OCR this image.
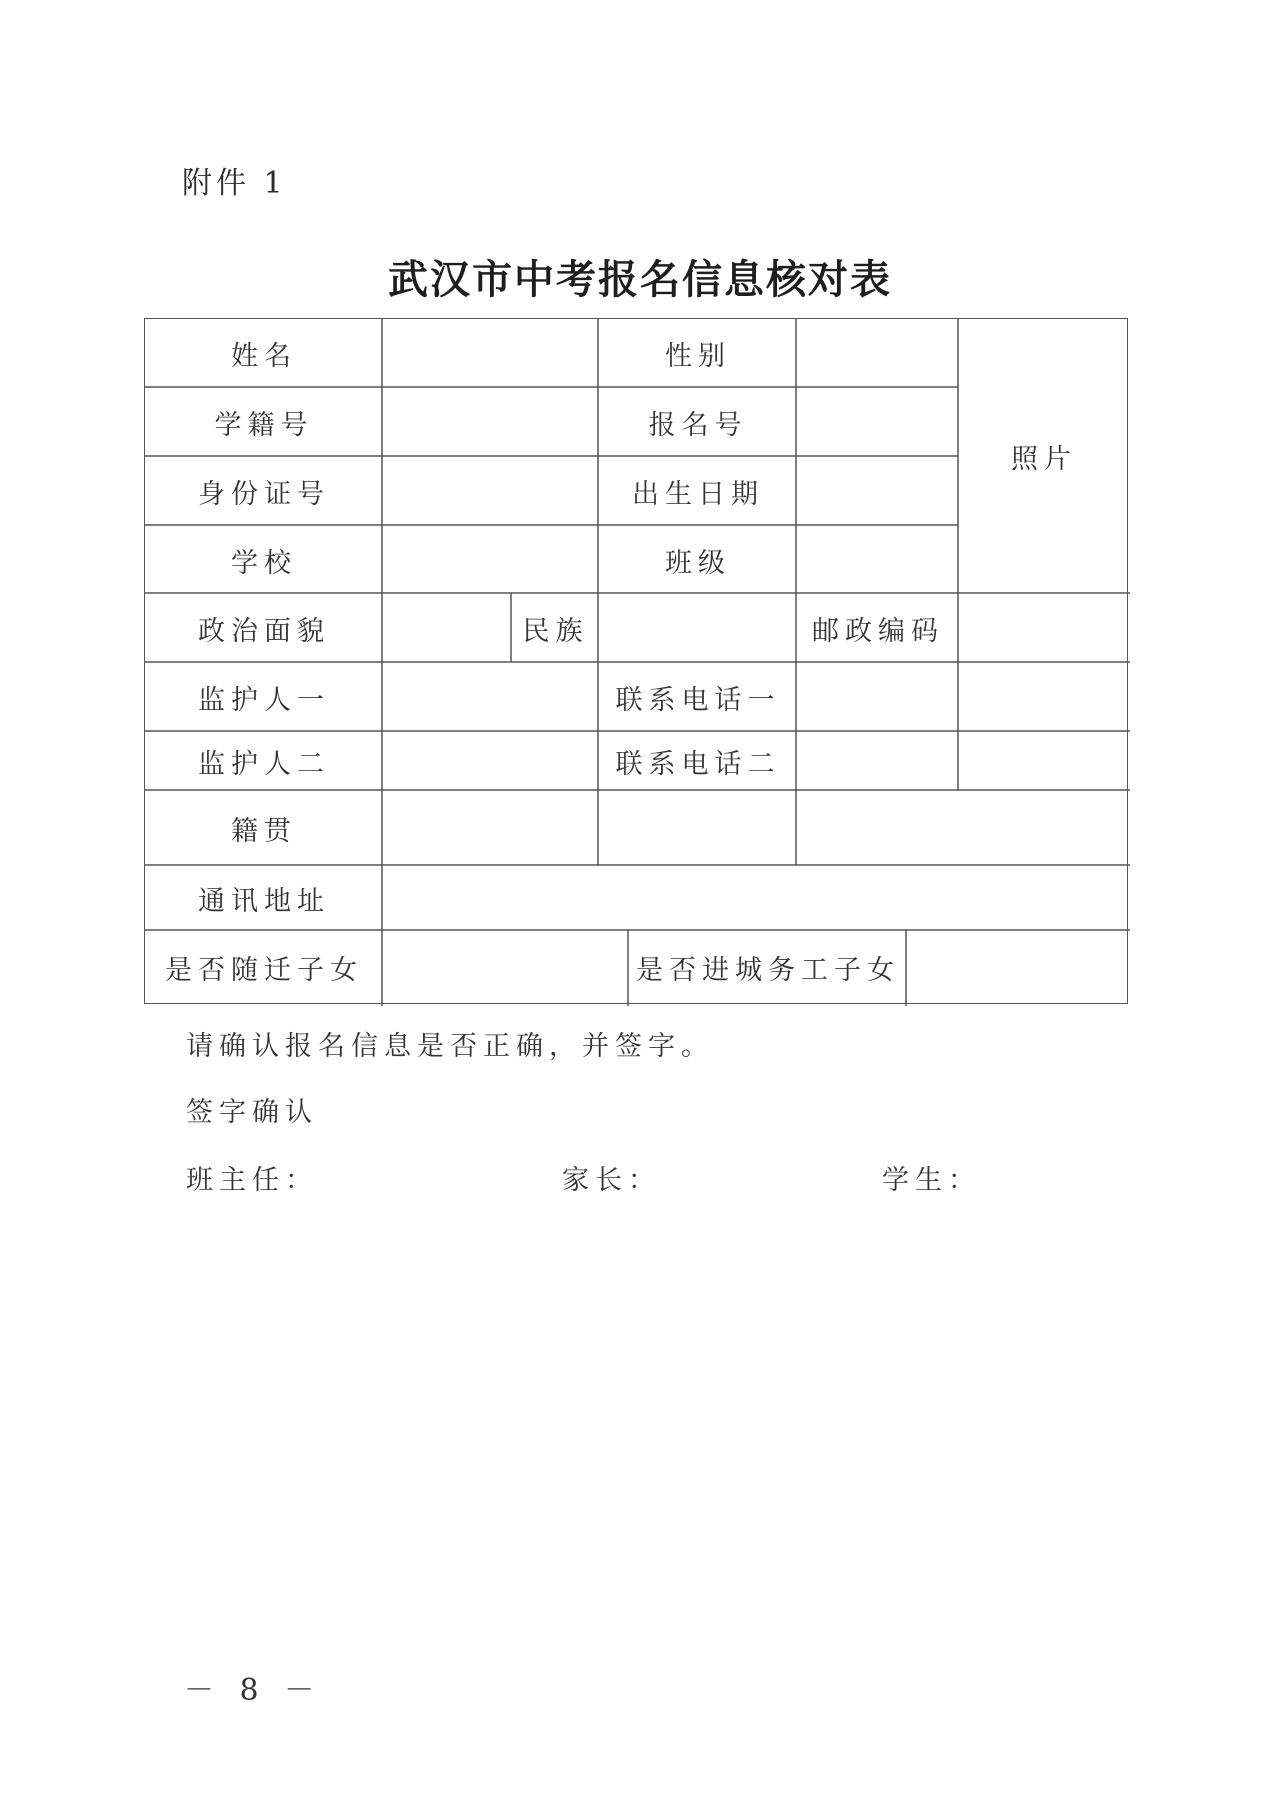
附件 1
武汉市中考报名信息核对表
姓名	性别
照片
学籍号	报名号
身份证号	出生日期
学校	班级
政治面貌	民族	邮政编码
监护人一	联系电话一
监护人二	联系电话二
籍贯
通讯地址
是否随迁子女	是否进城务工子女
请确认报名信息是否正确，并签字。
签字确认
班主任：	家长：	学生：
－ 8 －
